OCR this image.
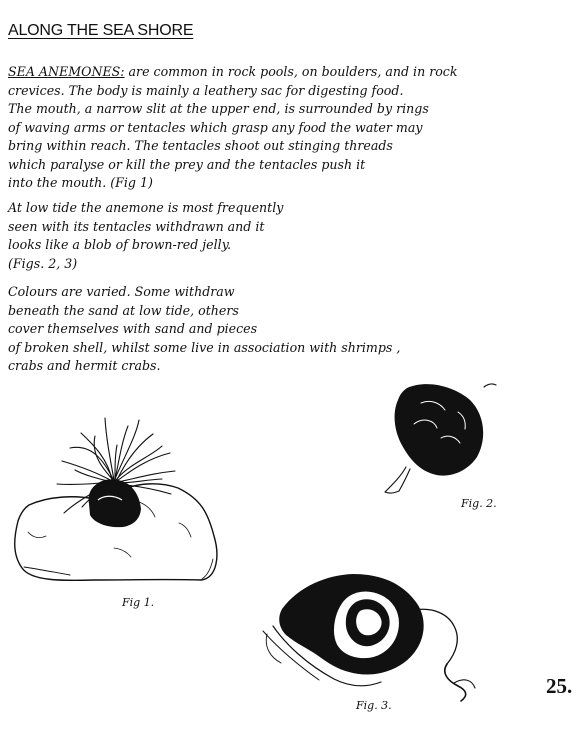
ALONG THE SEA SHORE
SEA ANEMONES: are common in rock pools, on boulders, and in rock
crevices. The body is mainly a leathery sac for digesting food.
The mouth, a narrow slit at the upper end, is surrounded by rings
of waving arms or tentacles which grasp any food the water may
bring within reach. The tentacles shoot out stinging threads
which paralyse or kill the prey and the tentacles push it
into the mouth. (Fig 1)
At low tide the anemone is most frequently
seen with its tentacles withdrawn and it
looks like a blob of brown-red jelly.
(Figs. 2, 3)
Colours are varied. Some withdraw
beneath the sand at low tide, others
cover themselves with sand and pieces
of broken shell, whilst some live in association with shrimps ,
crabs and hermit crabs.
Fig 1.
Fig. 2.
Fig. 3.
25.
